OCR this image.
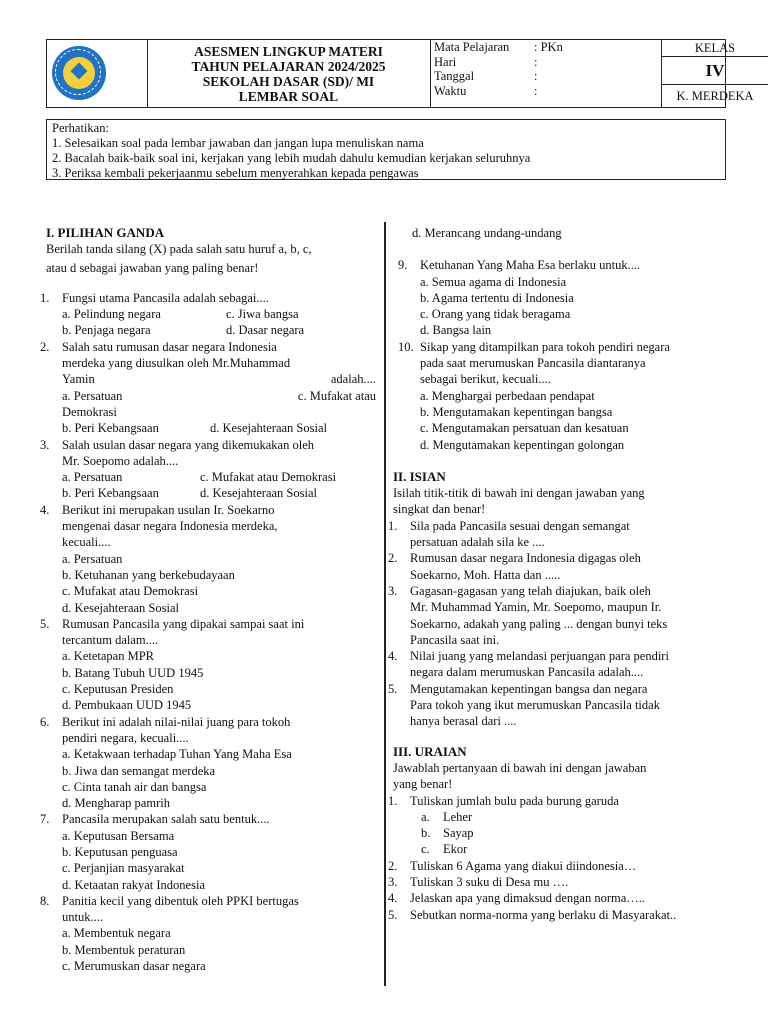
ASESMEN LINGKUP MATERI
TAHUN PELAJARAN 2024/2025
SEKOLAH DASAR (SD)/ MI
LEMBAR SOAL
Mata Pelajaran	: PKn
Hari	:
Tanggal	:
Waktu	:
KELAS
IV
K. MERDEKA
Perhatikan:
1. Selesaikan soal pada lembar jawaban dan jangan lupa menuliskan nama
2. Bacalah baik-baik soal ini, kerjakan yang lebih mudah dahulu kemudian kerjakan seluruhnya
3. Periksa kembali pekerjaanmu sebelum menyerahkan kepada pengawas
I. PILIHAN GANDA
Berilah tanda silang (X) pada salah satu huruf a, b, c,
atau d sebagai jawaban yang paling benar!
1.	Fungsi utama Pancasila adalah sebagai....
a. Pelindung negara	c. Jiwa bangsa
b. Penjaga negara	d. Dasar negara
2.	Salah satu rumusan dasar negara Indonesia
merdeka yang diusulkan oleh Mr.Muhammad
Yamin	adalah....
a. Persatuan	c. Mufakat atau
Demokrasi
b. Peri Kebangsaan	d. Kesejahteraan Sosial
3.	Salah usulan dasar negara yang dikemukakan oleh
Mr. Soepomo adalah....
a. Persatuan	c. Mufakat atau Demokrasi
b. Peri Kebangsaan	d. Kesejahteraan Sosial
4.	Berikut ini merupakan usulan Ir. Soekarno
mengenai dasar negara Indonesia merdeka,
kecuali....
a. Persatuan
b. Ketuhanan yang berkebudayaan
c. Mufakat atau Demokrasi
d. Kesejahteraan Sosial
5.	Rumusan Pancasila yang dipakai sampai saat ini
tercantum dalam....
a. Ketetapan MPR
b. Batang Tubuh UUD 1945
c. Keputusan Presiden
d. Pembukaan UUD 1945
6.	Berikut ini adalah nilai-nilai juang para tokoh
pendiri negara, kecuali....
a. Ketakwaan terhadap Tuhan Yang Maha Esa
b. Jiwa dan semangat merdeka
c. Cinta tanah air dan bangsa
d. Mengharap pamrih
7.	Pancasila merupakan salah satu bentuk....
a. Keputusan Bersama
b. Keputusan penguasa
c. Perjanjian masyarakat
d. Ketaatan rakyat Indonesia
8.	Panitia kecil yang dibentuk oleh PPKI bertugas
untuk....
a. Membentuk negara
b. Membentuk peraturan
c. Merumuskan dasar negara
d. Merancang undang-undang
9.	Ketuhanan Yang Maha Esa berlaku untuk....
a. Semua agama di Indonesia
b. Agama tertentu di Indonesia
c. Orang yang tidak beragama
d. Bangsa lain
10. Sikap yang ditampilkan para tokoh pendiri negara
pada saat merumuskan Pancasila diantaranya
sebagai berikut, kecuali....
a. Menghargai perbedaan pendapat
b. Mengutamakan kepentingan bangsa
c. Mengutamakan persatuan dan kesatuan
d. Mengutamakan kepentingan golongan
II. ISIAN
Isilah titik-titik di bawah ini dengan jawaban yang
singkat dan benar!
1.	Sila pada Pancasila sesuai dengan semangat
persatuan adalah sila ke ....
2.	Rumusan dasar negara Indonesia digagas oleh
Soekarno, Moh. Hatta dan .....
3.	Gagasan-gagasan yang telah diajukan, baik oleh
Mr. Muhammad Yamin, Mr. Soepomo, maupun Ir.
Soekarno, adakah yang paling ... dengan bunyi teks
Pancasila saat ini.
4.	Nilai juang yang melandasi perjuangan para pendiri
negara dalam merumuskan Pancasila adalah....
5.	Mengutamakan kepentingan bangsa dan negara
Para tokoh yang ikut merumuskan Pancasila tidak
hanya berasal dari ....
III. URAIAN
Jawablah pertanyaan di bawah ini dengan jawaban
yang benar!
1.	Tuliskan jumlah bulu pada burung garuda
a.	Leher
b.	Sayap
c.	Ekor
2.	Tuliskan 6 Agama yang diakui diindonesia…
3.	Tuliskan 3 suku di Desa mu ….
4.	Jelaskan apa yang dimaksud dengan norma…..
5.	Sebutkan norma-norma yang berlaku di Masyarakat..
